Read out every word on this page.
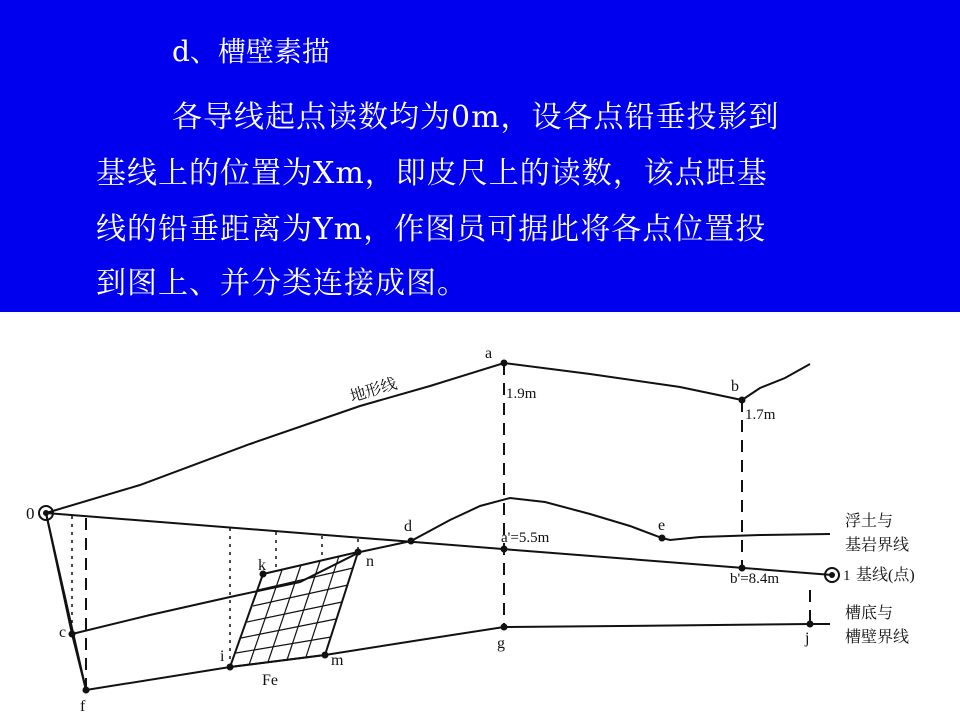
d、槽壁素描
各导线起点读数均为0m，设各点铅垂投影到
基线上的位置为Xm，即皮尺上的读数，该点距基
线的铅垂距离为Ym，作图员可据此将各点位置投
到图上、并分类连接成图。
地形线
0
a
b
c
d	e
f
g
i
j
k
m
n
1
1.9m
1.7m
a'=5.5m
b'=8.4m
浮土与
基岩界线
基线(点)
槽底与
槽壁界线
Fe
